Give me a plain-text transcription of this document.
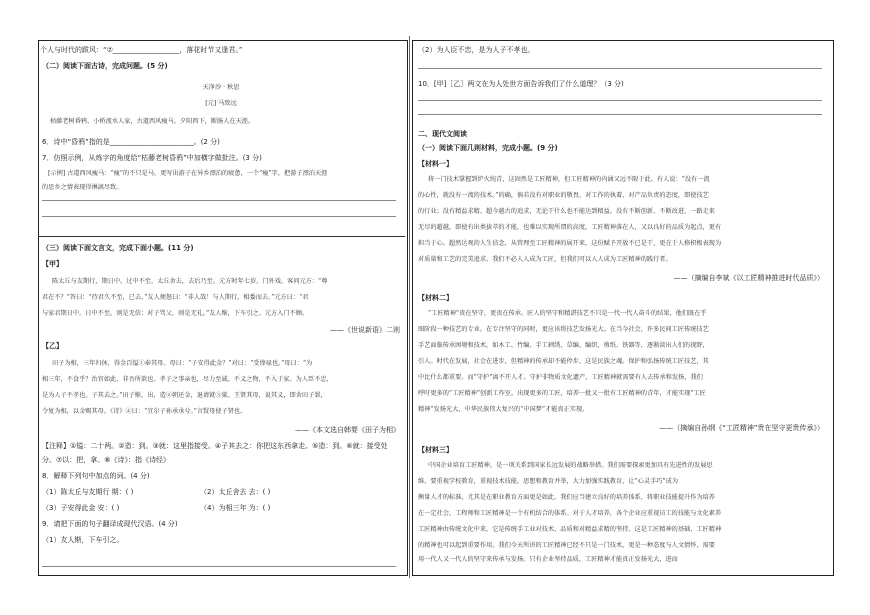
个人与时代的跋风：“⑦___________________，落花时节又逢君。”
（二）阅读下面古诗，完成问题。(5 分)
天净沙 · 秋思
[元] 马致远
枯藤老树昏鸦，小桥流水人家，古道西风瘦马。夕阳西下，断肠人在天涯。
6．诗中“昏鸦”指的是________________________。(2 分)
7．仿照示例，从炼字的角度给“枯藤老树昏鸦”中加横字做批注。(3 分)
[示例] 古道西风瘦马：“瘦”的不只是马，更写出游子在异乡漂泊的疲惫，一个“瘦”字，把游子漂泊天涯
的思乡之情表现得淋漓尽致。
（三）阅读下面文言文，完成下面小题。(11 分)
【甲】
陈太丘与友期行，期日中。过中不至，太丘舍去，去后乃至。元方时年七岁，门外戏。客问元方：“尊
君在不？”答曰：“待君久不至，已去。”友人便怒曰：“非人哉！与人期行，相委而去。”元方曰：“君
与家君期日中。日中不至，则是无信；对子骂父，则是无礼。”友人惭，下车引之。元方入门不顾。
——《世说新语》二则
【乙】
田子为相，三年归休，得金百镒①奉其母。母曰：“子安得此金？”对曰：“受俸禄也。”母曰：“为
相三年，不食乎？治官如此，非吾所欲也。孝子之事亲也，尽力至诚。不义之物，不入于家。为人臣不忠，
是为人子不孝也。子其去之。”田子惭，出，造②朝还金，退请就③狱。王贤其母，说其义，即舍田子罪，
令复为相，以金赐其母。《诗》④曰：“宜尔子孙承承兮。”言賢母使子贤也。
——《本文选自韩婴《田子为相》
【注释】①镒：二十两。②造：到。③就：这里指接受。④子其去之：你把这东西拿走。⑤造：到。⑥就：接受处
分。⑦以：把，拿。⑧《诗》：指《诗经》
8．解释下列句中加点的词。(4 分)
（1）陈太丘与友期行 期：( )	（2）太丘舍去 去：( )
（3）子安得此金 安：( )	（4）为相三年 为：( )
9．请把下面的句子翻译成现代汉语。(4 分)
（1）友人惭，下车引之。
（2）为人臣不忠，是为人子不孝也。
10．[甲]［乙］两文在为人处世方面告诉我们了什么道理？（3 分)
二、现代文阅读
（一）阅读下面几则材料，完成小题。(9 分)
【材料一】
将一门技术掌握到炉火纯青，这固然是工匠精神，但工匠精神的内涵又远不限于此。有人说：“没有一流
的心性，就没有一流的技术。”的确，倘若没有对职业的敬畏、对工作的执着、对产品负责的态度，即使技艺
的行业；没有精益求精、超今越古的追求，无论干什么也不能达到精益。没有不断创新、不断改进、一路走来
无尽的超越，即使有出类拔萃的才能，也难以实现所谓的高度。工匠精神落在人，又以良好的品质为起点，更有
担当于心。超然达观的人生信念，从管理至工匠精神的展开来，这份赋予开放不已是干，更在于人格积极表现为
对质量和工艺的完美追求。我们不必人人成为工匠，但我们可以人人成为工匠精神的践行者。
——（摘编自李斌《以工匠精神推进时代品质》）
【材料二】
“工匠精神”贵在坚守，更贵在传承。匠人的坚守和精湛技艺不只是一代一代人奋斗的结果，他们既在乎
图阶段一种技艺的专业。在专注坚守的同时，更应该将技艺发扬光大。在当今社会，许多民间工匠传统技艺
手艺面临传承困境和技术，如木工、竹编、手工刺绣、草编、编织、剪纸、铁器等，逐渐淡出人们的视野，
引人。时代在发展，社会在进步，但精神的传承却不能停步，这是民族之魂。保护和弘扬传统工匠技艺，其
中比什么都重要。而“守护”离不开人才。守护非物质文化遗产，工匠精神就需要有人去传承和发扬，我们
呼吁更多的“工匠精神”创新工作室，出现更多的工匠，培养一批又一批有工匠精神的青年，才能实现“工匠
精神”发扬光大，中华民族伟大复兴的“中国梦”才能真正实现。
——（摘编自孙纲《“工匠精神”贵在坚守更贵传承》）
【材料三】
中国企业培育工匠精神，是一项关系到国家长远发展的战略举措。我们需要探索更加具有先进性的发展思
维，要重视学校教育，重视技术技能，思想和教育并举，大力加强实践教育，让“心灵手巧”成为
衡量人才的标准，尤其是在职业教育方面更是如此，我们应当建立良好的培养体系，将职业技能提升作为培养
在一定社会，工程师和工匠精神是一个有机结合的体系。对于人才培养，各个企业应重视员工的技能与文化素养
工匠精神由传统文化中来，它是传统手工业对技术、品质和对精益求精的坚持。这是工匠精神的基础，工匠精神
的精神也可以起到重要作用。我们今天所讲的工匠精神已经不只是一门技术，更是一种态度与人文情怀，需要
用一代人又一代人的坚守来传承与发扬。只有企业坚持品质，工匠精神才能真正发扬光大，进而
